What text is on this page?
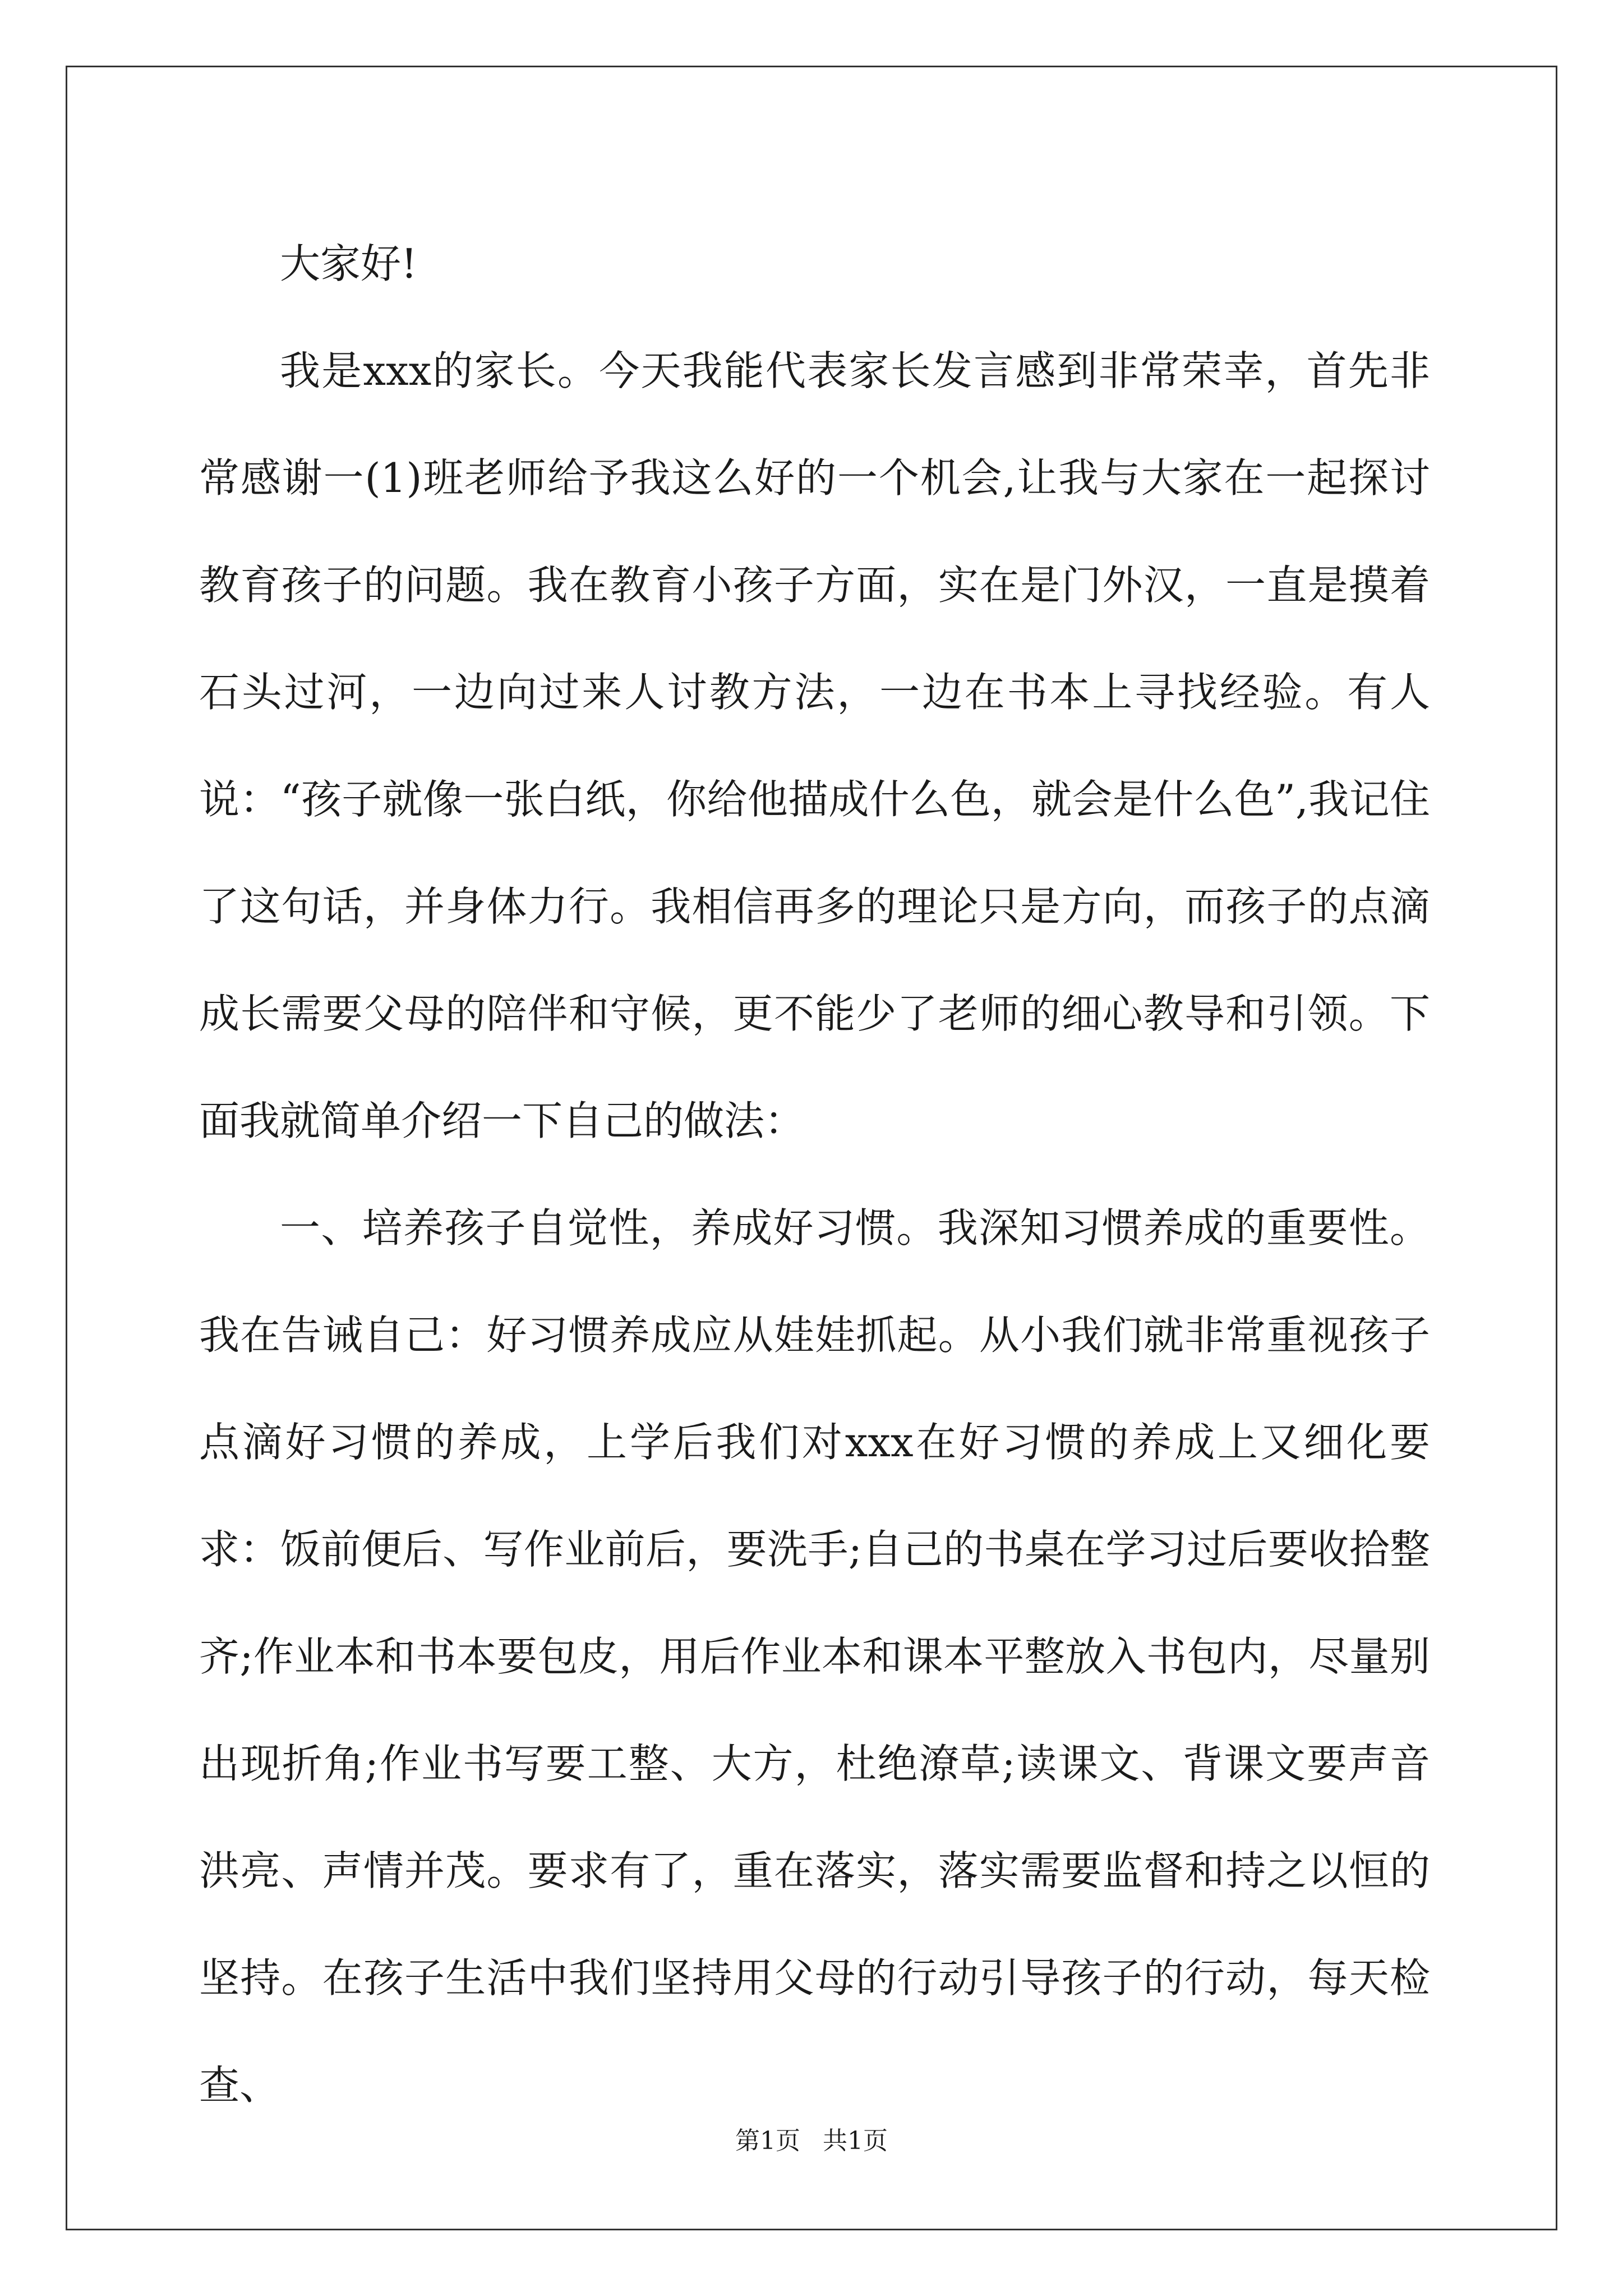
大家好!

我是xxx的家长。今天我能代表家长发言感到非常荣幸，首先非常感谢一(1)班老师给予我这么好的一个机会,让我与大家在一起探讨教育孩子的问题。我在教育小孩子方面，实在是门外汉，一直是摸着石头过河，一边向过来人讨教方法，一边在书本上寻找经验。有人说：“孩子就像一张白纸，你给他描成什么色，就会是什么色”,我记住了这句话，并身体力行。我相信再多的理论只是方向，而孩子的点滴成长需要父母的陪伴和守候，更不能少了老师的细心教导和引领。下面我就简单介绍一下自己的做法：

一、培养孩子自觉性，养成好习惯。我深知习惯养成的重要性。我在告诫自己：好习惯养成应从娃娃抓起。从小我们就非常重视孩子点滴好习惯的养成，上学后我们对xxx在好习惯的养成上又细化要求：饭前便后、写作业前后，要洗手;自己的书桌在学习过后要收拾整齐;作业本和书本要包皮，用后作业本和课本平整放入书包内，尽量别出现折角;作业书写要工整、大方，杜绝潦草;读课文、背课文要声音洪亮、声情并茂。要求有了，重在落实，落实需要监督和持之以恒的坚持。在孩子生活中我们坚持用父母的行动引导孩子的行动，每天检查、

第1页 共1页
